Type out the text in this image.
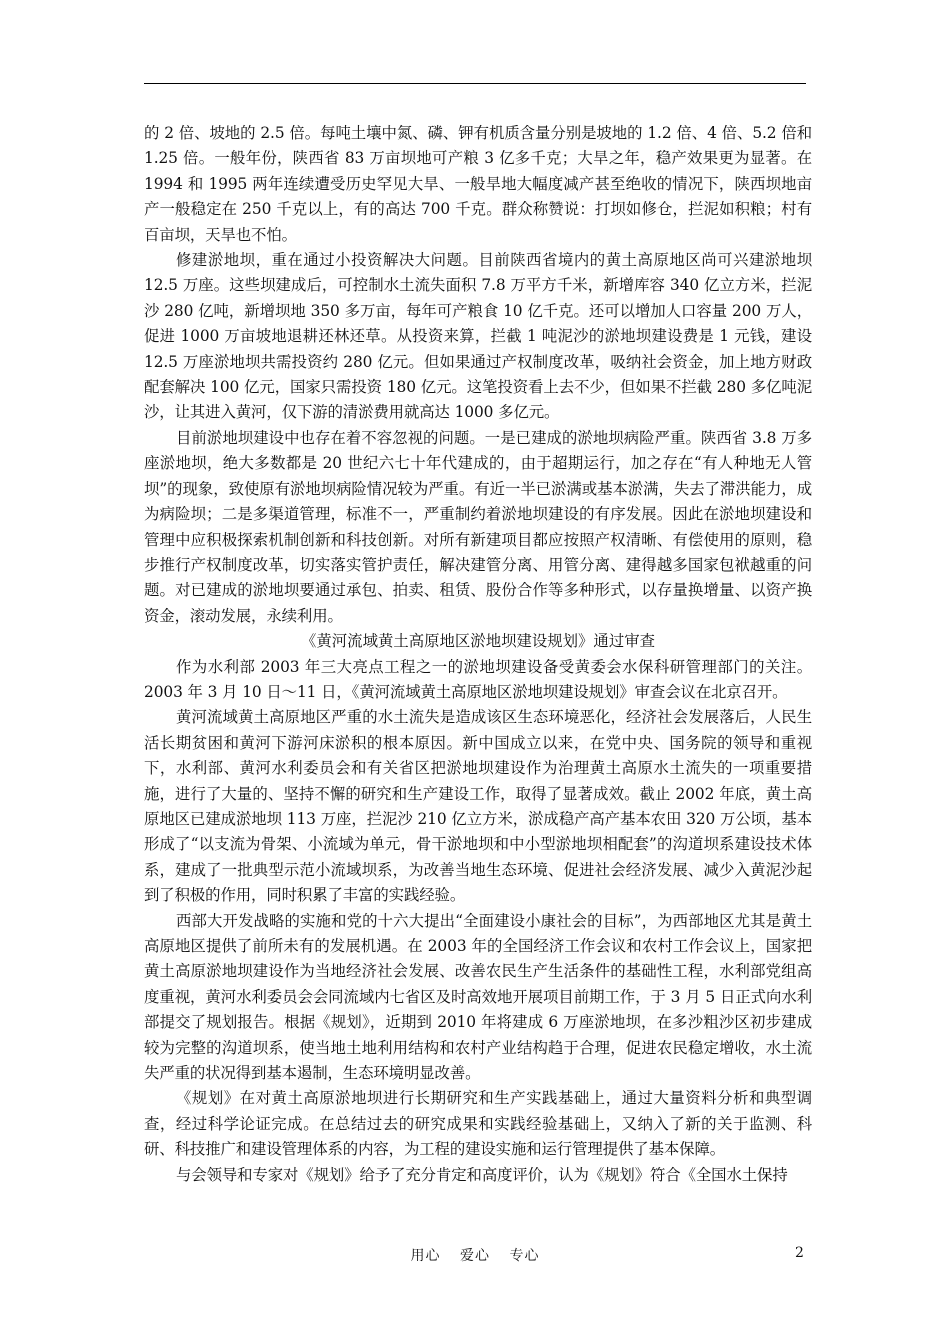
的 2 倍、坡地的 2.5 倍。每吨土壤中氮、磷、钾有机质含量分别是坡地的 1.2 倍、4 倍、5.2 倍和 1.25 倍。一般年份，陕西省 83 万亩坝地可产粮 3 亿多千克；大旱之年，稳产效果更为显著。在 1994 和 1995 两年连续遭受历史罕见大旱、一般旱地大幅度减产甚至绝收的情况下，陕西坝地亩产一般稳定在 250 千克以上，有的高达 700 千克。群众称赞说：打坝如修仓，拦泥如积粮；村有百亩坝，天旱也不怕。

修建淤地坝，重在通过小投资解决大问题。目前陕西省境内的黄土高原地区尚可兴建淤地坝 12.5 万座。这些坝建成后，可控制水土流失面积 7.8 万平方千米，新增库容 340 亿立方米，拦泥沙 280 亿吨，新增坝地 350 多万亩，每年可产粮食 10 亿千克。还可以增加人口容量 200 万人，促进 1000 万亩坡地退耕还林还草。从投资来算，拦截 1 吨泥沙的淤地坝建设费是 1 元钱，建设 12.5 万座淤地坝共需投资约 280 亿元。但如果通过产权制度改革，吸纳社会资金，加上地方财政配套解决 100 亿元，国家只需投资 180 亿元。这笔投资看上去不少，但如果不拦截 280 多亿吨泥沙，让其进入黄河，仅下游的清淤费用就高达 1000 多亿元。

目前淤地坝建设中也存在着不容忽视的问题。一是已建成的淤地坝病险严重。陕西省 3.8 万多座淤地坝，绝大多数都是 20 世纪六七十年代建成的，由于超期运行，加之存在“有人种地无人管坝”的现象，致使原有淤地坝病险情况较为严重。有近一半已淤满或基本淤满，失去了滞洪能力，成为病险坝；二是多渠道管理，标准不一，严重制约着淤地坝建设的有序发展。因此在淤地坝建设和管理中应积极探索机制创新和科技创新。对所有新建项目都应按照产权清晰、有偿使用的原则，稳步推行产权制度改革，切实落实管护责任，解决建管分离、用管分离、建得越多国家包袱越重的问题。对已建成的淤地坝要通过承包、拍卖、租赁、股份合作等多种形式，以存量换增量、以资产换资金，滚动发展，永续利用。

《黄河流域黄土高原地区淤地坝建设规划》通过审查

作为水利部 2003 年三大亮点工程之一的淤地坝建设备受黄委会水保科研管理部门的关注。2003 年 3 月 10 日～11 日，《黄河流域黄土高原地区淤地坝建设规划》审查会议在北京召开。

黄河流域黄土高原地区严重的水土流失是造成该区生态环境恶化，经济社会发展落后，人民生活长期贫困和黄河下游河床淤积的根本原因。新中国成立以来，在党中央、国务院的领导和重视下，水利部、黄河水利委员会和有关省区把淤地坝建设作为治理黄土高原水土流失的一项重要措施，进行了大量的、坚持不懈的研究和生产建设工作，取得了显著成效。截止 2002 年底，黄土高原地区已建成淤地坝 113 万座，拦泥沙 210 亿立方米，淤成稳产高产基本农田 320 万公顷，基本形成了“以支流为骨架、小流域为单元，骨干淤地坝和中小型淤地坝相配套”的沟道坝系建设技术体系，建成了一批典型示范小流域坝系，为改善当地生态环境、促进社会经济发展、减少入黄泥沙起到了积极的作用，同时积累了丰富的实践经验。

西部大开发战略的实施和党的十六大提出“全面建设小康社会的目标”，为西部地区尤其是黄土高原地区提供了前所未有的发展机遇。在 2003 年的全国经济工作会议和农村工作会议上，国家把黄土高原淤地坝建设作为当地经济社会发展、改善农民生产生活条件的基础性工程，水利部党组高度重视，黄河水利委员会会同流域内七省区及时高效地开展项目前期工作，于 3 月 5 日正式向水利部提交了规划报告。根据《规划》，近期到 2010 年将建成 6 万座淤地坝，在多沙粗沙区初步建成较为完整的沟道坝系，使当地土地利用结构和农村产业结构趋于合理，促进农民稳定增收，水土流失严重的状况得到基本遏制，生态环境明显改善。

《规划》在对黄土高原淤地坝进行长期研究和生产实践基础上，通过大量资料分析和典型调查，经过科学论证完成。在总结过去的研究成果和实践经验基础上，又纳入了新的关于监测、科研、科技推广和建设管理体系的内容，为工程的建设实施和运行管理提供了基本保障。

与会领导和专家对《规划》给予了充分肯定和高度评价，认为《规划》符合《全国水土保持

用心 爱心 专心	2
